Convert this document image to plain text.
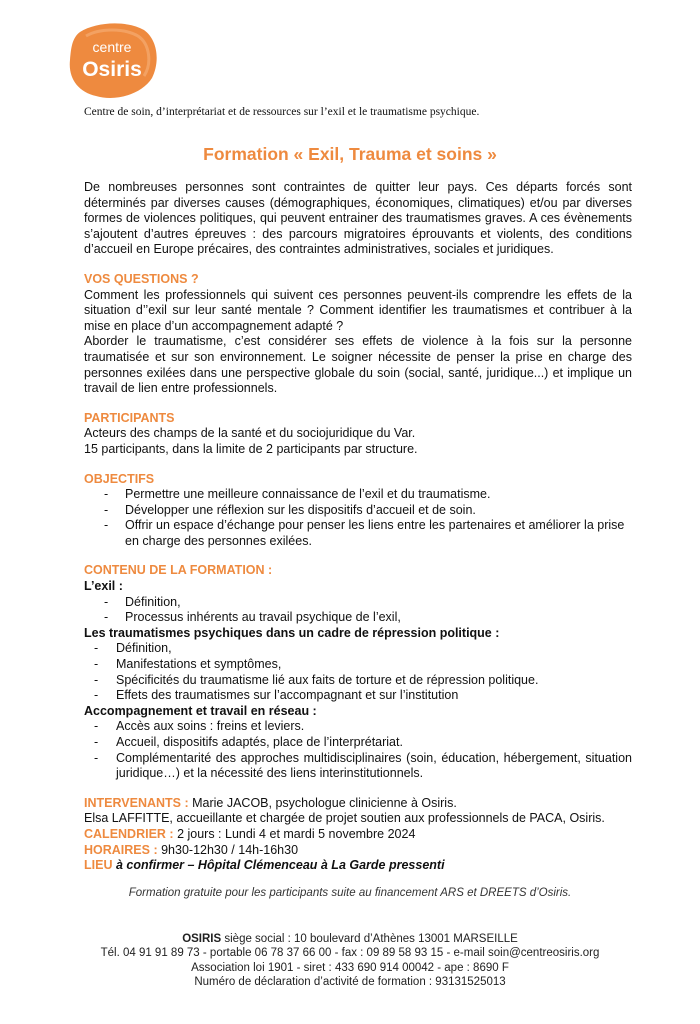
centre
Osiris
Centre de soin, d’interprétariat et de ressources sur l’exil et le traumatisme psychique.
Formation « Exil, Trauma et soins »

De nombreuses personnes sont contraintes de quitter leur pays. Ces départs forcés sont déterminés par diverses causes (démographiques, économiques, climatiques) et/ou par diverses formes de violences politiques, qui peuvent entrainer des traumatismes graves. A ces évènements s’ajoutent d’autres épreuves : des parcours migratoires éprouvants et violents, des conditions d’accueil en Europe précaires, des contraintes administratives, sociales et juridiques.

VOS QUESTIONS ?

Comment les professionnels qui suivent ces personnes peuvent-ils comprendre les effets de la situation d’’exil sur leur santé mentale ? Comment identifier les traumatismes et contribuer à la mise en place d’un accompagnement adapté ?

Aborder le traumatisme, c’est considérer ses effets de violence à la fois sur la personne traumatisée et sur son environnement. Le soigner nécessite de penser la prise en charge des personnes exilées dans une perspective globale du soin (social, santé, juridique...) et implique un travail de lien entre professionnels.

PARTICIPANTS

Acteurs des champs de la santé et du sociojuridique du Var.

15 participants, dans la limite de 2 participants par structure.

OBJECTIFS

- Permettre une meilleure connaissance de l’exil et du traumatisme.
- Développer une réflexion sur les dispositifs d’accueil et de soin.
- Offrir un espace d’échange pour penser les liens entre les partenaires et améliorer la prise en charge des personnes exilées.

CONTENU DE LA FORMATION :

L’exil :

- Définition,
- Processus inhérents au travail psychique de l’exil,

Les traumatismes psychiques dans un cadre de répression politique :

- Définition,
- Manifestations et symptômes,
- Spécificités du traumatisme lié aux faits de torture et de répression politique.
- Effets des traumatismes sur l’accompagnant et sur l’institution

Accompagnement et travail en réseau :

- Accès aux soins : freins et leviers.
- Accueil, dispositifs adaptés, place de l’interprétariat.
- Complémentarité des approches multidisciplinaires (soin, éducation, hébergement, situation juridique…) et la nécessité des liens interinstitutionnels.

INTERVENANTS : Marie JACOB, psychologue clinicienne à Osiris.

Elsa LAFFITTE, accueillante et chargée de projet soutien aux professionnels de PACA, Osiris.

CALENDRIER : 2 jours : Lundi 4 et mardi 5 novembre 2024

HORAIRES : 9h30-12h30 / 14h-16h30

LIEU à confirmer – Hôpital Clémenceau à La Garde pressenti

Formation gratuite pour les participants suite au financement ARS et DREETS d’Osiris.
OSIRIS siège social : 10 boulevard d’Athènes 13001 MARSEILLE
Tél. 04 91 91 89 73 - portable 06 78 37 66 00 - fax : 09 89 58 93 15 - e-mail soin@centreosiris.org
Association loi 1901 - siret : 433 690 914 00042 - ape : 8690 F
Numéro de déclaration d’activité de formation : 93131525013
